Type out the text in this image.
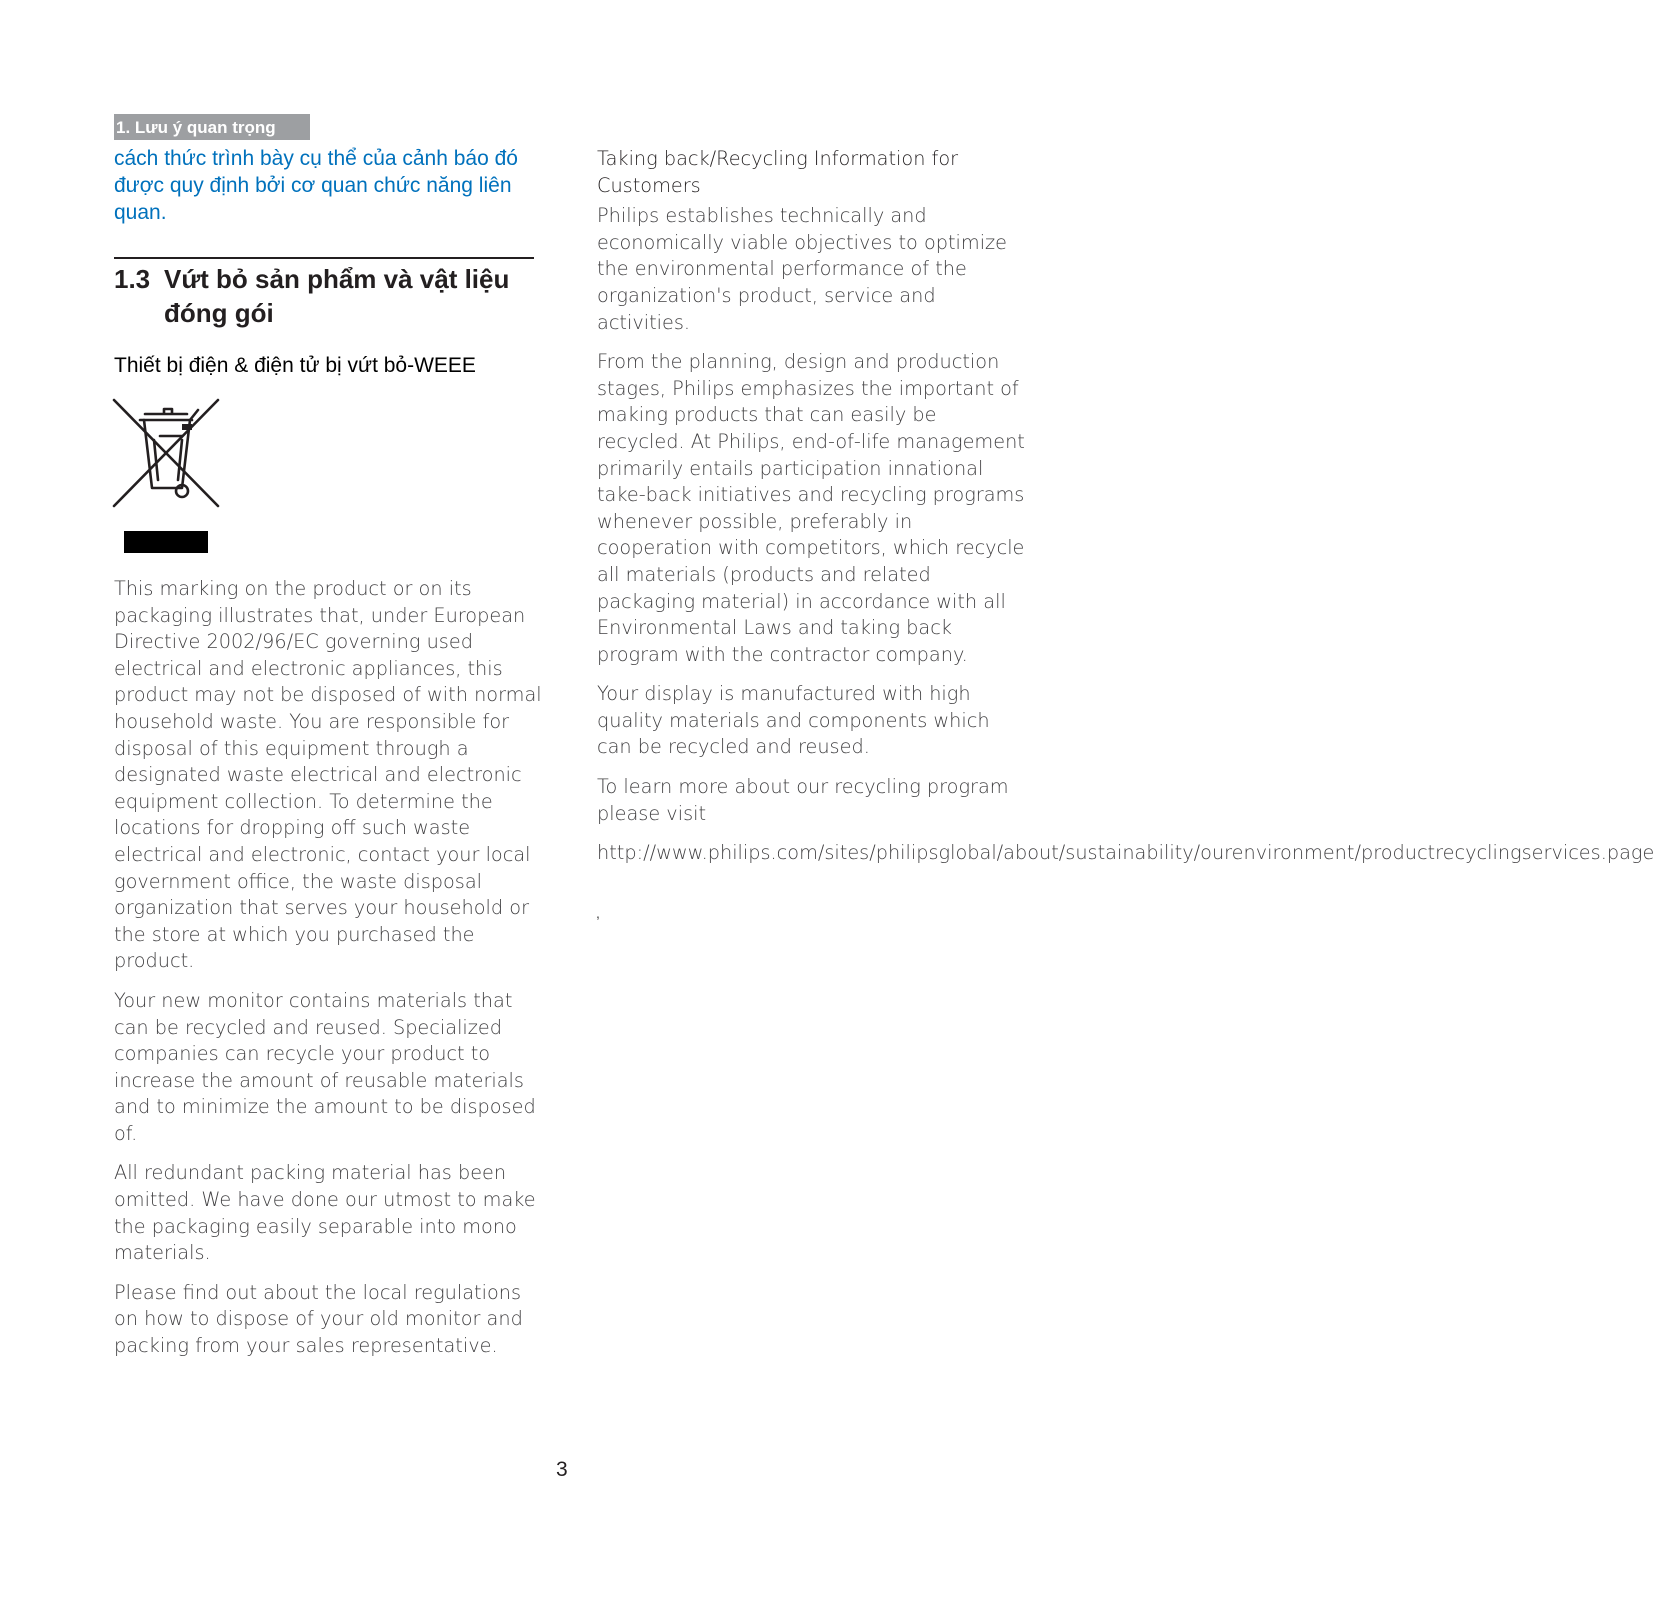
1. Lưu ý quan trọng

cách thức trình bày cụ thể của cảnh báo đó được quy định bởi cơ quan chức năng liên quan.

1.3 Vứt bỏ sản phẩm và vật liệu đóng gói

Thiết bị điện & điện tử bị vứt bỏ-WEEE

This marking on the product or on its packaging illustrates that, under European Directive 2002/96/EC governing used electrical and electronic appliances, this product may not be disposed of with normal household waste. You are responsible for disposal of this equipment through a designated waste electrical and electronic equipment collection. To determine the locations for dropping off such waste electrical and electronic, contact your local government office, the waste disposal organization that serves your household or the store at which you purchased the product.

Your new monitor contains materials that can be recycled and reused. Specialized companies can recycle your product to increase the amount of reusable materials and to minimize the amount to be disposed of.

All redundant packing material has been omitted. We have done our utmost to make the packaging easily separable into mono materials.

Please find out about the local regulations on how to dispose of your old monitor and packing from your sales representative.

Taking back/Recycling Information for Customers

Philips establishes technically and economically viable objectives to optimize the environmental performance of the organization's product, service and activities.

From the planning, design and production stages, Philips emphasizes the important of making products that can easily be recycled. At Philips, end-of-life management primarily entails participation innational take-back initiatives and recycling programs whenever possible, preferably in cooperation with competitors, which recycle all materials (products and related packaging material) in accordance with all Environmental Laws and taking back program with the contractor company.

Your display is manufactured with high quality materials and components which can be recycled and reused.

To learn more about our recycling program please visit

http://www.philips.com/sites/philipsglobal/about/sustainability/ourenvironment/productrecyclingservices.page

,
3
